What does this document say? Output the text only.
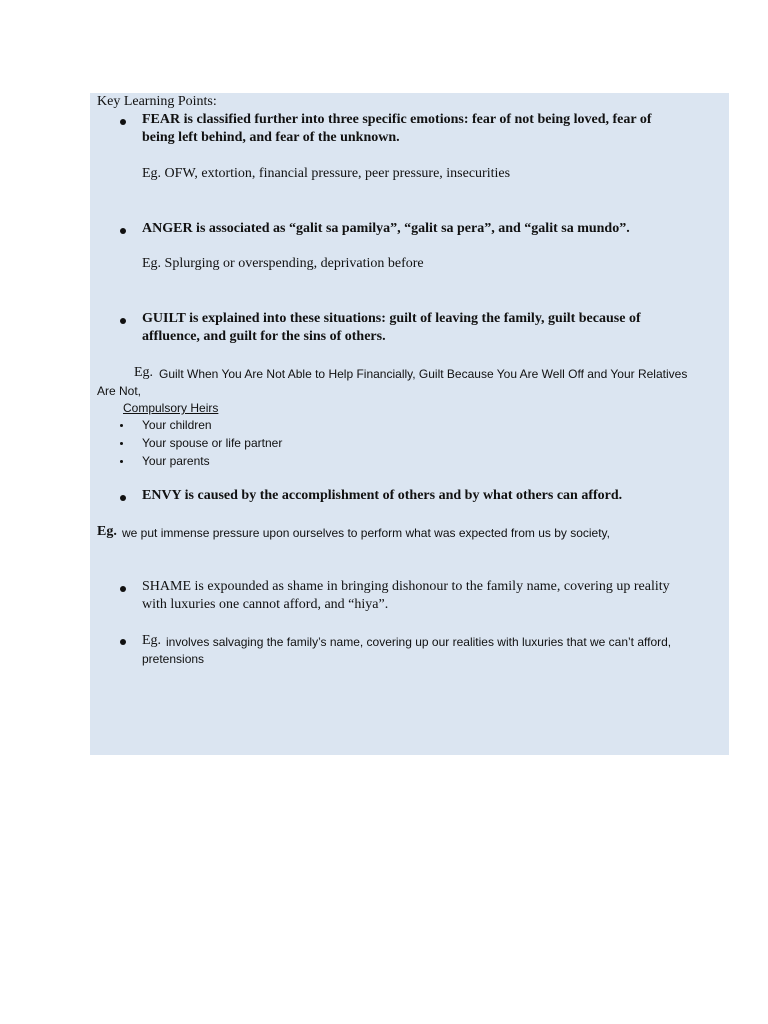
Key Learning Points:

FEAR is classified further into three specific emotions: fear of not being loved, fear of

being left behind, and fear of the unknown.

Eg. OFW, extortion, financial pressure, peer pressure, insecurities

ANGER is associated as “galit sa pamilya”, “galit sa pera”, and “galit sa mundo”.

Eg. Splurging or overspending, deprivation before

GUILT is explained into these situations: guilt of leaving the family, guilt because of

affluence, and guilt for the sins of others.

Eg. Guilt When You Are Not Able to Help Financially, Guilt Because You Are Well Off and Your Relatives

Are Not,

Compulsory Heirs

Your children

Your spouse or life partner

Your parents

ENVY is caused by the accomplishment of others and by what others can afford.

Eg. we put immense pressure upon ourselves to perform what was expected from us by society,

SHAME is expounded as shame in bringing dishonour to the family name, covering up reality

with luxuries one cannot afford, and “hiya”.

Eg. involves salvaging the family’s name, covering up our realities with luxuries that we can’t afford,

pretensions
